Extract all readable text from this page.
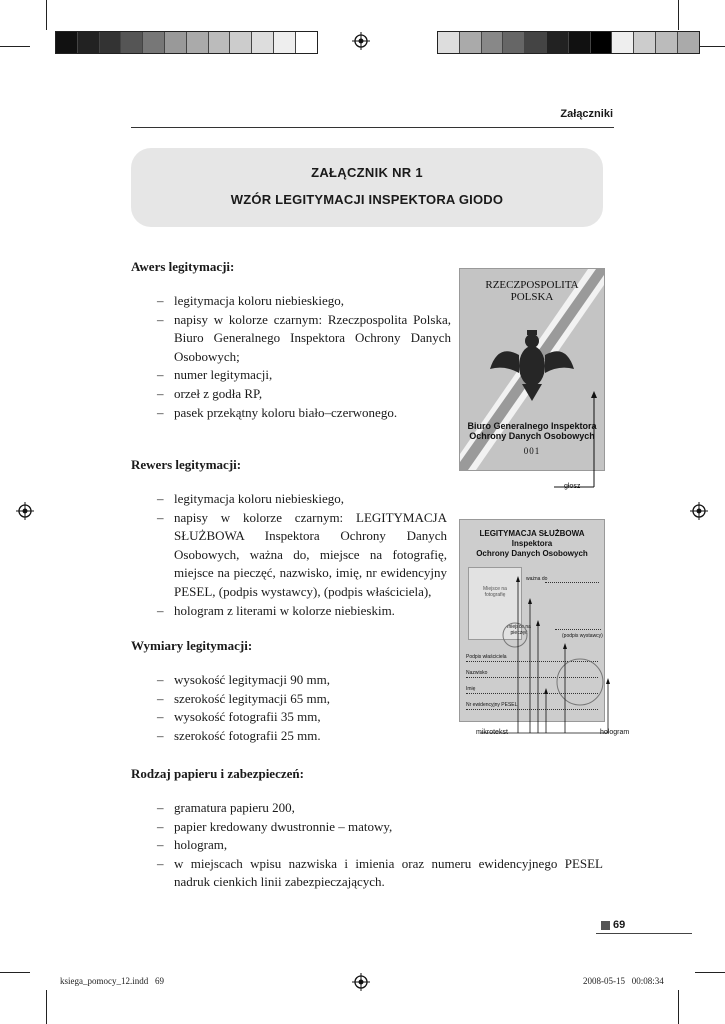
Załączniki
ZAŁĄCZNIK NR 1
WZÓR LEGITYMACJI INSPEKTORA GIODO
Awers legitymacji:
– legitymacja koloru niebieskiego,
– napisy w kolorze czarnym: Rzeczpospolita Polska, Biuro Generalnego Inspektora Ochrony Danych Osobowych;
– numer legitymacji,
– orzeł z godła RP,
– pasek przekątny koloru biało–czerwonego.
Rewers legitymacji:
– legitymacja koloru niebieskiego,
– napisy w kolorze czarnym: LEGITYMACJA SŁUŻBOWA Inspektora Ochrony Danych Osobowych, ważna do, miejsce na fotografię, miejsce na pieczęć, nazwisko, imię, nr ewidencyjny PESEL, (podpis wystawcy), (podpis właściciela),
– hologram z literami w kolorze niebieskim.
Wymiary legitymacji:
– wysokość legitymacji 90 mm,
– szerokość legitymacji 65 mm,
– wysokość fotografii 35 mm,
– szerokość fotografii 25 mm.
Rodzaj papieru i zabezpieczeń:
– gramatura papieru 200,
– papier kredowany dwustronnie – matowy,
– hologram,
– w miejscach wpisu nazwiska i imienia oraz numeru ewidencyjnego PESEL nadruk cienkich linii zabezpieczających.
RZECZPOSPOLITA
POLSKA
Biuro Generalnego Inspektora
Ochrony Danych Osobowych
001
głosz
LEGITYMACJA SŁUŻBOWA
Inspektora
Ochrony Danych Osobowych
Miejsce na fotografię
ważna do
miejsce na pieczęć	(podpis wystawcy)
Podpis właściciela
Nazwisko
Imię
Nr ewidencyjny PESEL
mikrotekst	hologram
69
ksiega_pomocy_12.indd   69	2008-05-15   00:08:34
